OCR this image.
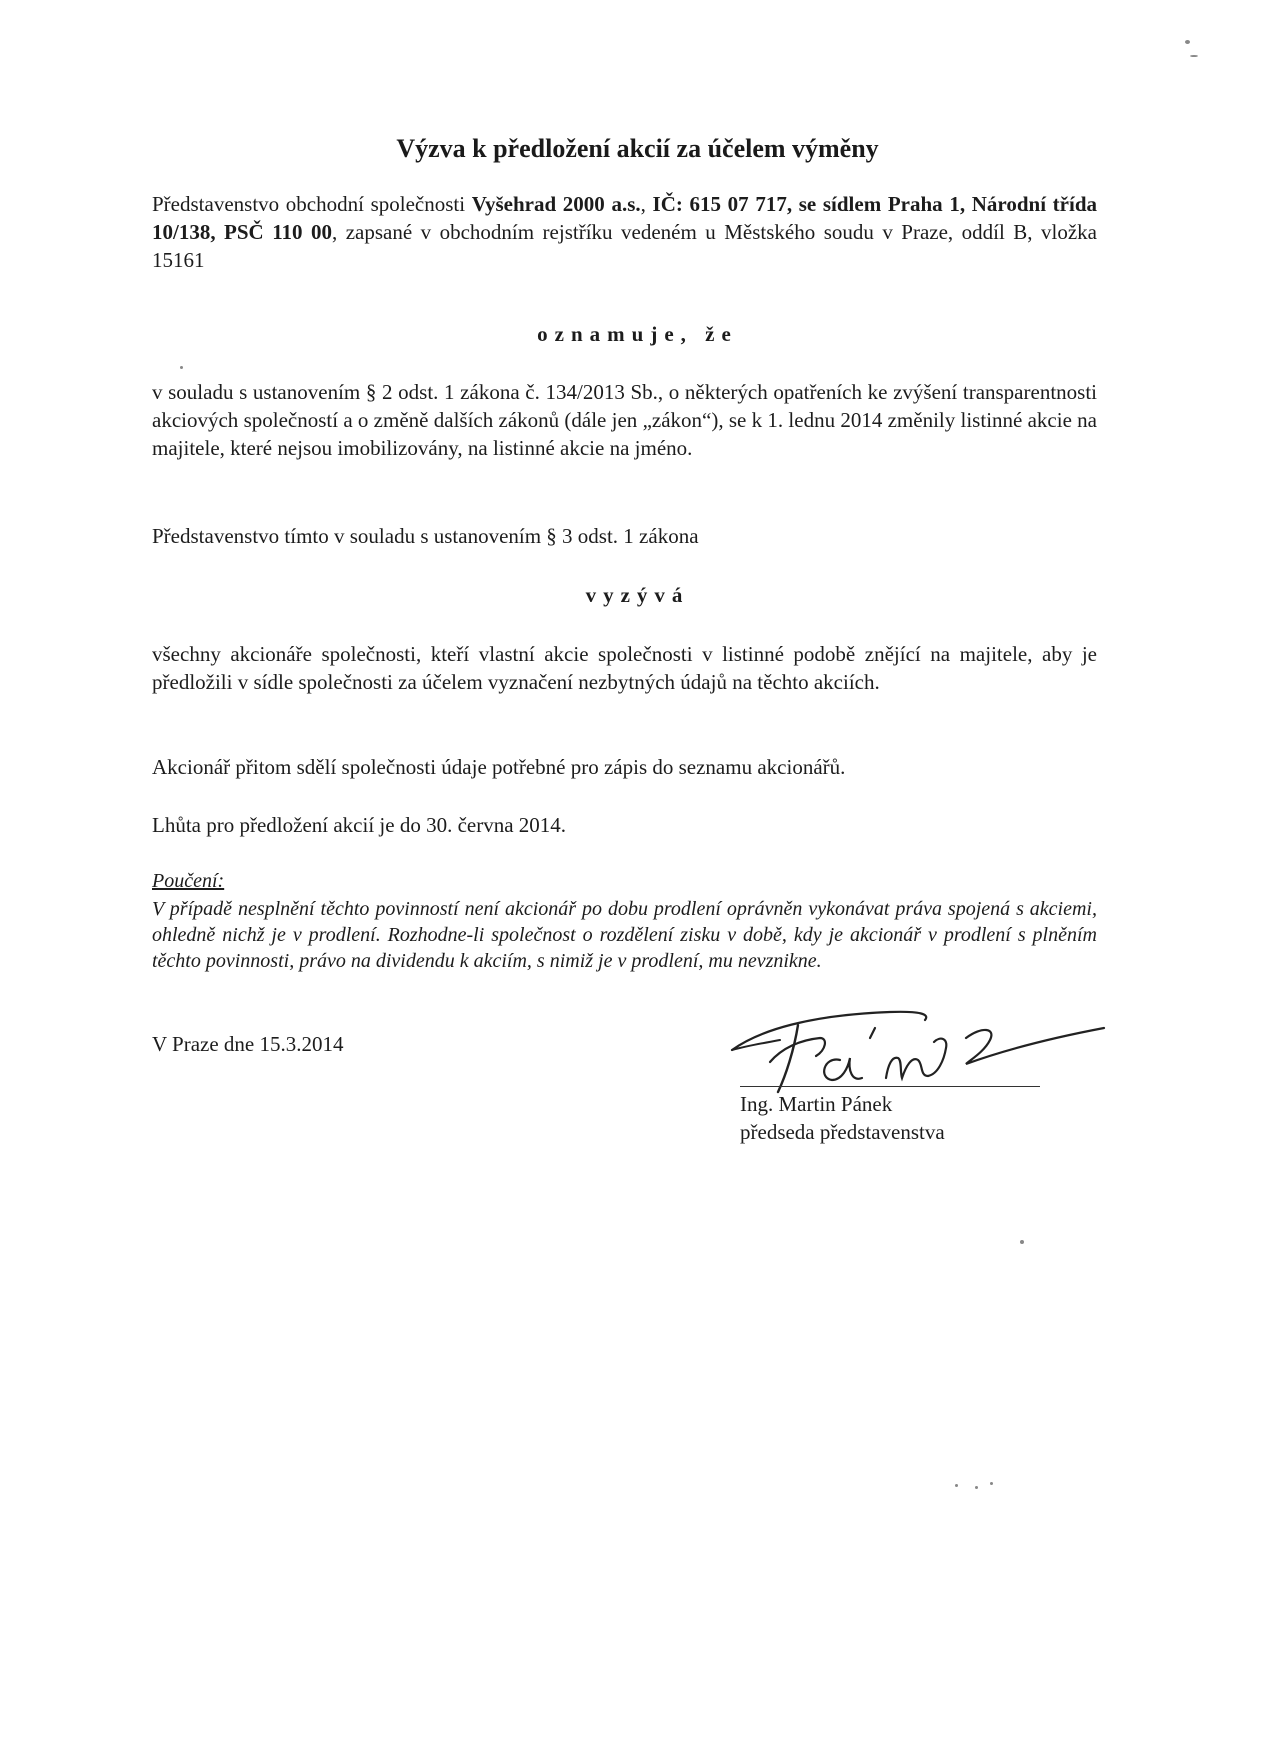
Výzva k předložení akcií za účelem výměny
Představenstvo obchodní společnosti Vyšehrad 2000 a.s., IČ: 615 07 717, se sídlem Praha 1, Národní třída 10/138, PSČ 110 00, zapsané v obchodním rejstříku vedeném u Městského soudu v Praze, oddíl B, vložka 15161
oznamuje, že
v souladu s ustanovením § 2 odst. 1 zákona č. 134/2013 Sb., o některých opatřeních ke zvýšení transparentnosti akciových společností a o změně dalších zákonů (dále jen „zákon“), se k 1. lednu 2014 změnily listinné akcie na majitele, které nejsou imobilizovány, na listinné akcie na jméno.
Představenstvo tímto v souladu s ustanovením § 3 odst. 1 zákona
vyzývá
všechny akcionáře společnosti, kteří vlastní akcie společnosti v listinné podobě znějící na majitele, aby je předložili v sídle společnosti za účelem vyznačení nezbytných údajů na těchto akciích.
Akcionář přitom sdělí společnosti údaje potřebné pro zápis do seznamu akcionářů.
Lhůta pro předložení akcií je do 30. června 2014.
Poučení:
V případě nesplnění těchto povinností není akcionář po dobu prodlení oprávněn vykonávat práva spojená s akciemi, ohledně nichž je v prodlení. Rozhodne-li společnost o rozdělení zisku v době, kdy je akcionář v prodlení s plněním těchto povinnosti, právo na dividendu k akciím, s nimiž je v prodlení, mu nevznikne.
V Praze dne 15.3.2014
Ing. Martin Pánek
předseda představenstva
